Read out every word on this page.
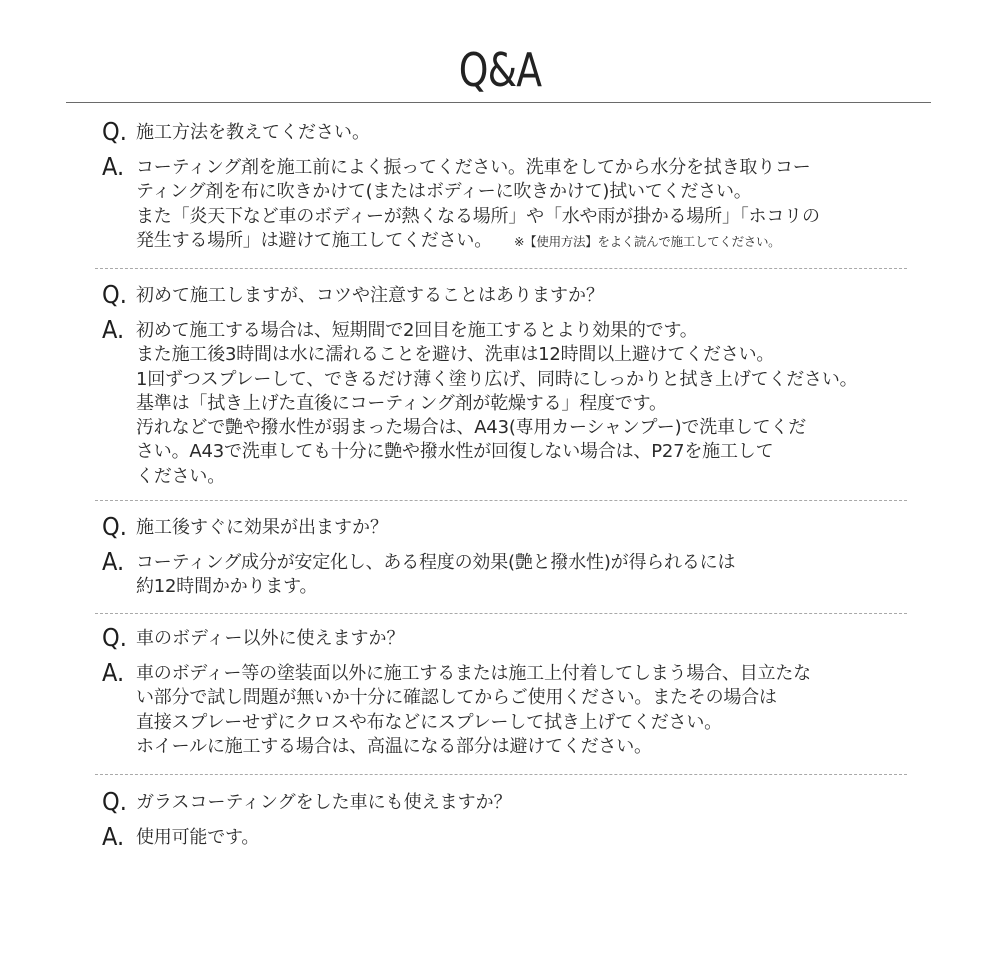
Q&A
Q. 施工方法を教えてください。
A. コーティング剤を施工前によく振ってください。洗車をしてから水分を拭き取りコー
ティング剤を布に吹きかけて(またはボディーに吹きかけて)拭いてください。
また「炎天下など車のボディーが熱くなる場所」や「水や雨が掛かる場所」「ホコリの
発生する場所」は避けて施工してください。 ※【使用方法】をよく読んで施工してください。
Q. 初めて施工しますが、コツや注意することはありますか？
A. 初めて施工する場合は、短期間で2回目を施工するとより効果的です。
また施工後3時間は水に濡れることを避け、洗車は12時間以上避けてください。
1回ずつスプレーして、できるだけ薄く塗り広げ、同時にしっかりと拭き上げてください。
基準は「拭き上げた直後にコーティング剤が乾燥する」程度です。
汚れなどで艶や撥水性が弱まった場合は、A43(専用カーシャンプー)で洗車してくだ
さい。A43で洗車しても十分に艶や撥水性が回復しない場合は、P27を施工して
ください。
Q. 施工後すぐに効果が出ますか？
A. コーティング成分が安定化し、ある程度の効果(艶と撥水性)が得られるには
約12時間かかります。
Q. 車のボディー以外に使えますか？
A. 車のボディー等の塗装面以外に施工するまたは施工上付着してしまう場合、目立たな
い部分で試し問題が無いか十分に確認してからご使用ください。またその場合は
直接スプレーせずにクロスや布などにスプレーして拭き上げてください。
ホイールに施工する場合は、高温になる部分は避けてください。
Q. ガラスコーティングをした車にも使えますか？
A. 使用可能です。
